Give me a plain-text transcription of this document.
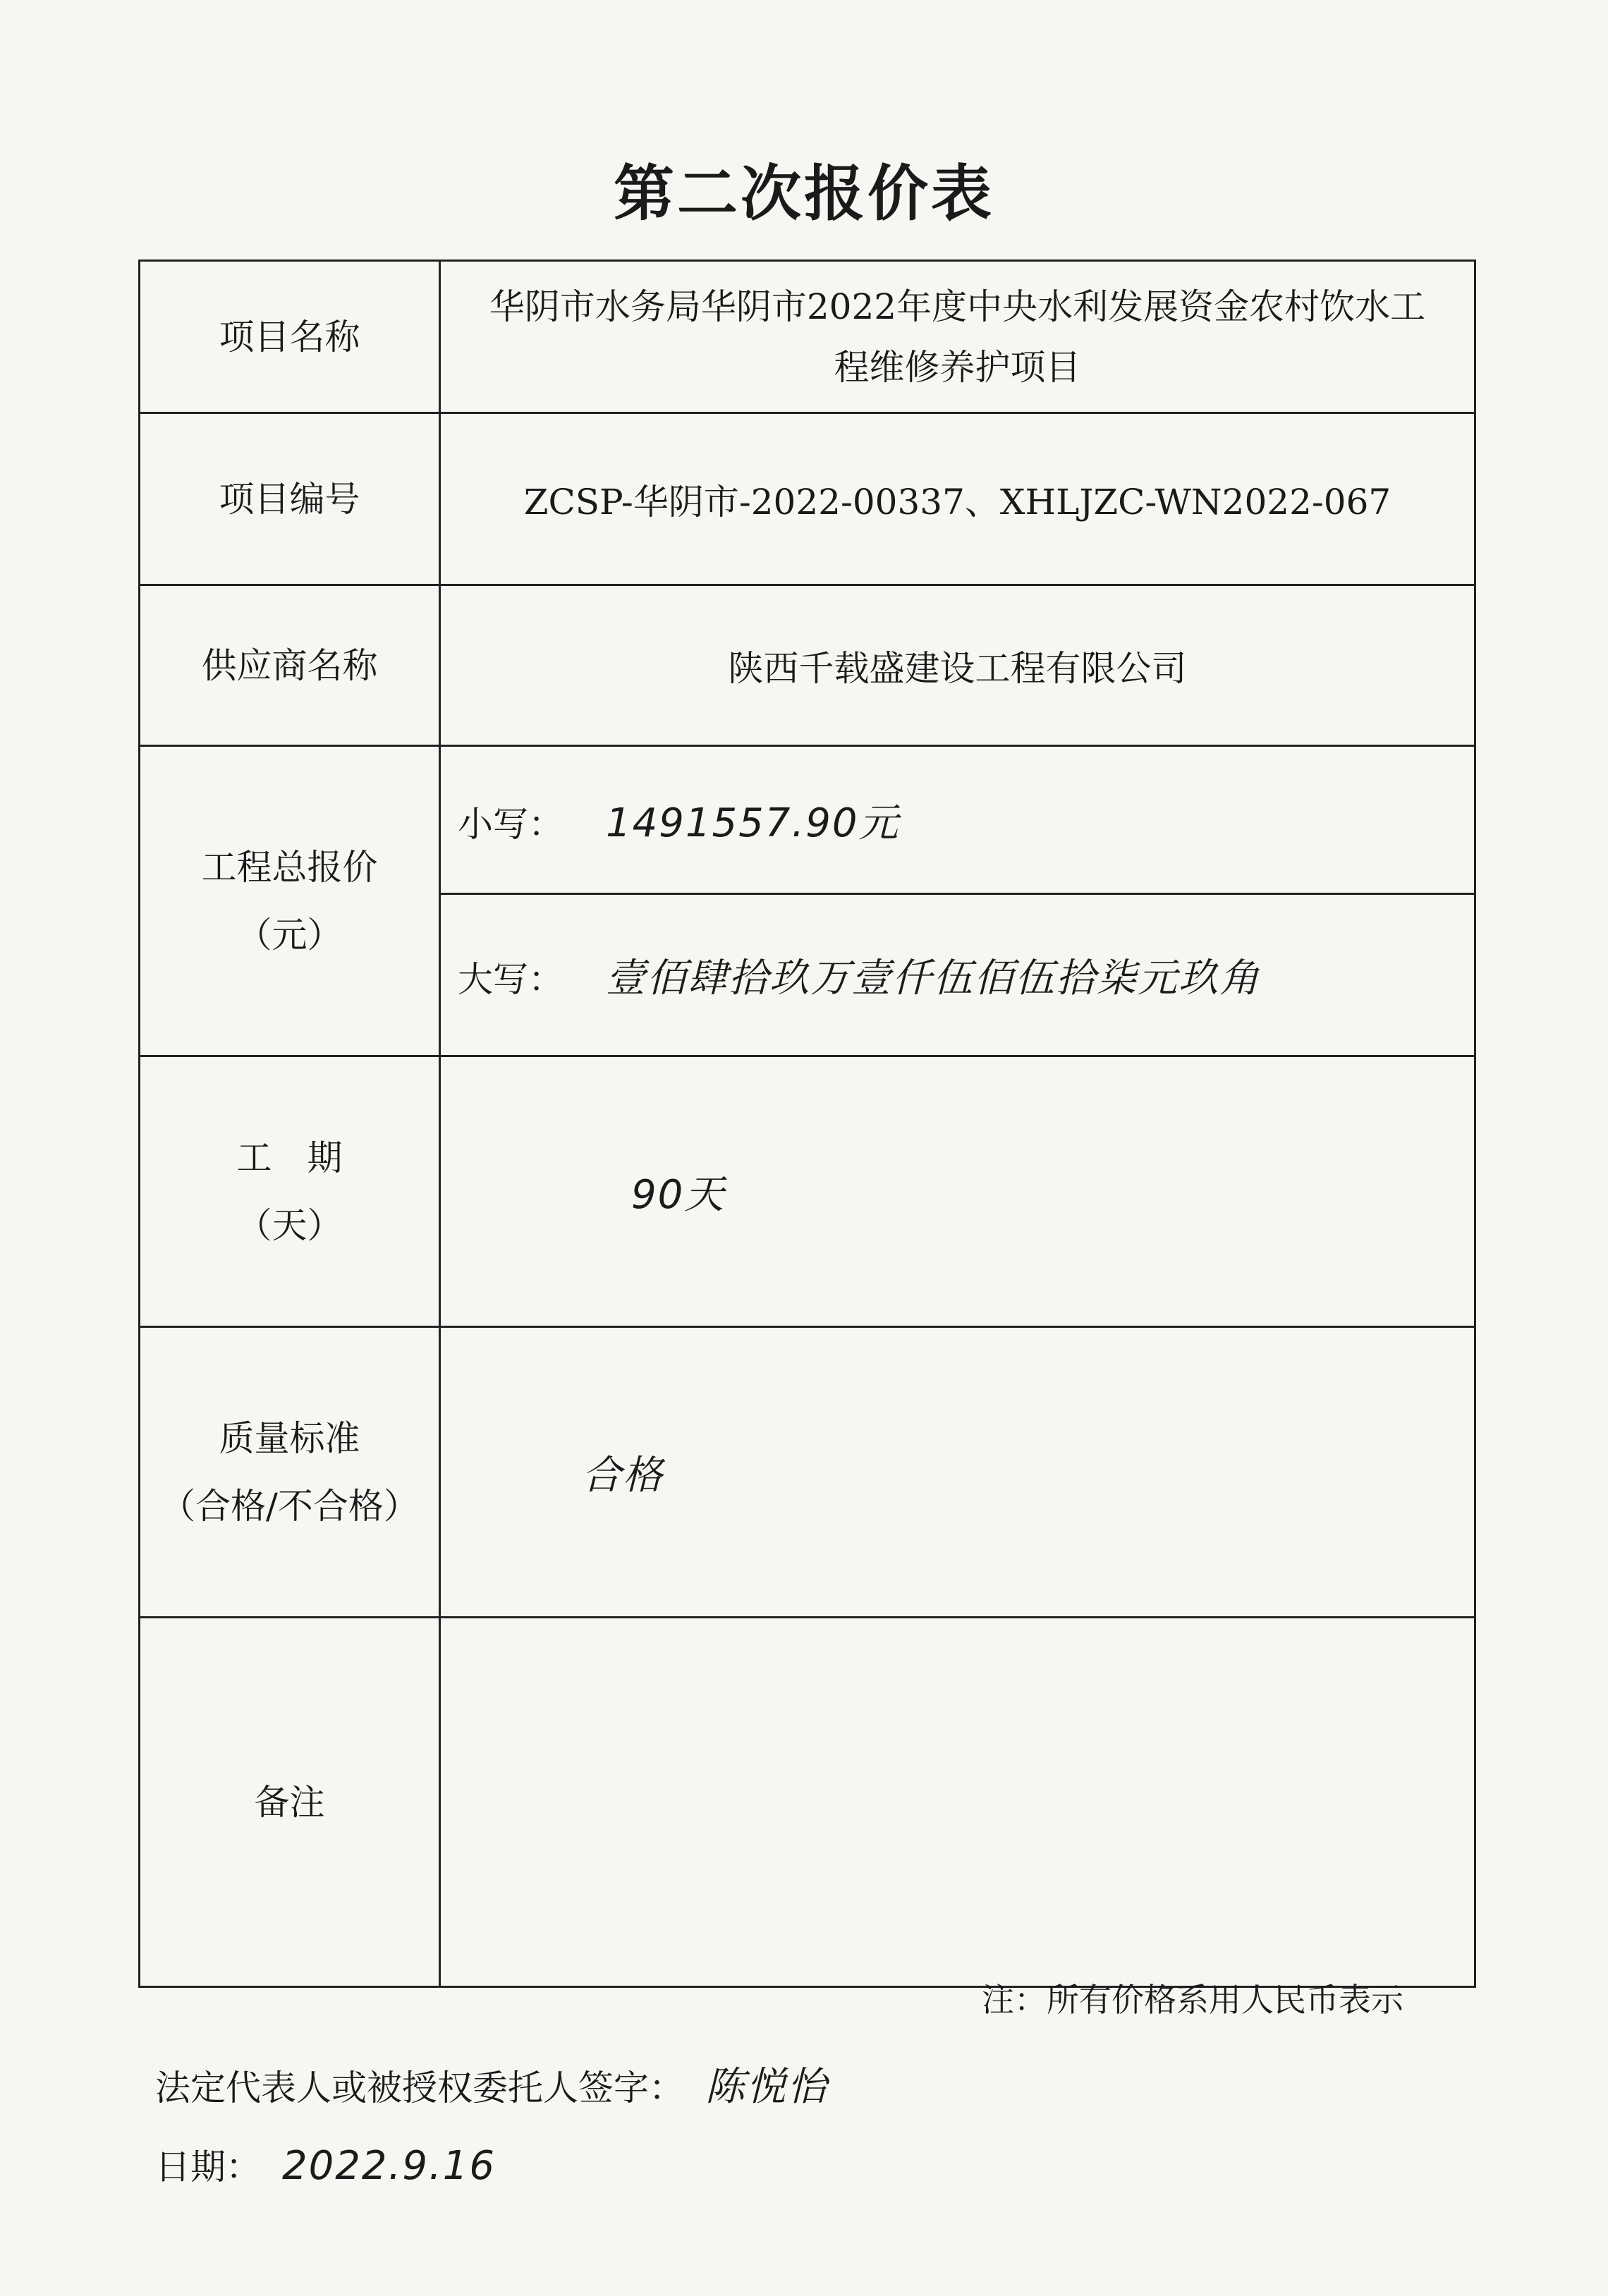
第二次报价表
项目名称	华阴市水务局华阴市2022年度中央水利发展资金农村饮水工
程维修养护项目

项目编号	ZCSP-华阴市-2022-00337、XHLJZC-WN2022-067
供应商名称	陕西千载盛建设工程有限公司

工程总报价
（元）	小写： 1491557.90元
	大写： 壹佰肆拾玖万壹仟伍佰伍拾柒元玖角

工　期
（天）	90天

质量标准
（合格/不合格）	合格
备注	
注：所有价格系用人民币表示
法定代表人或被授权委托人签字： 陈悦怡
日期： 2022.9.16
